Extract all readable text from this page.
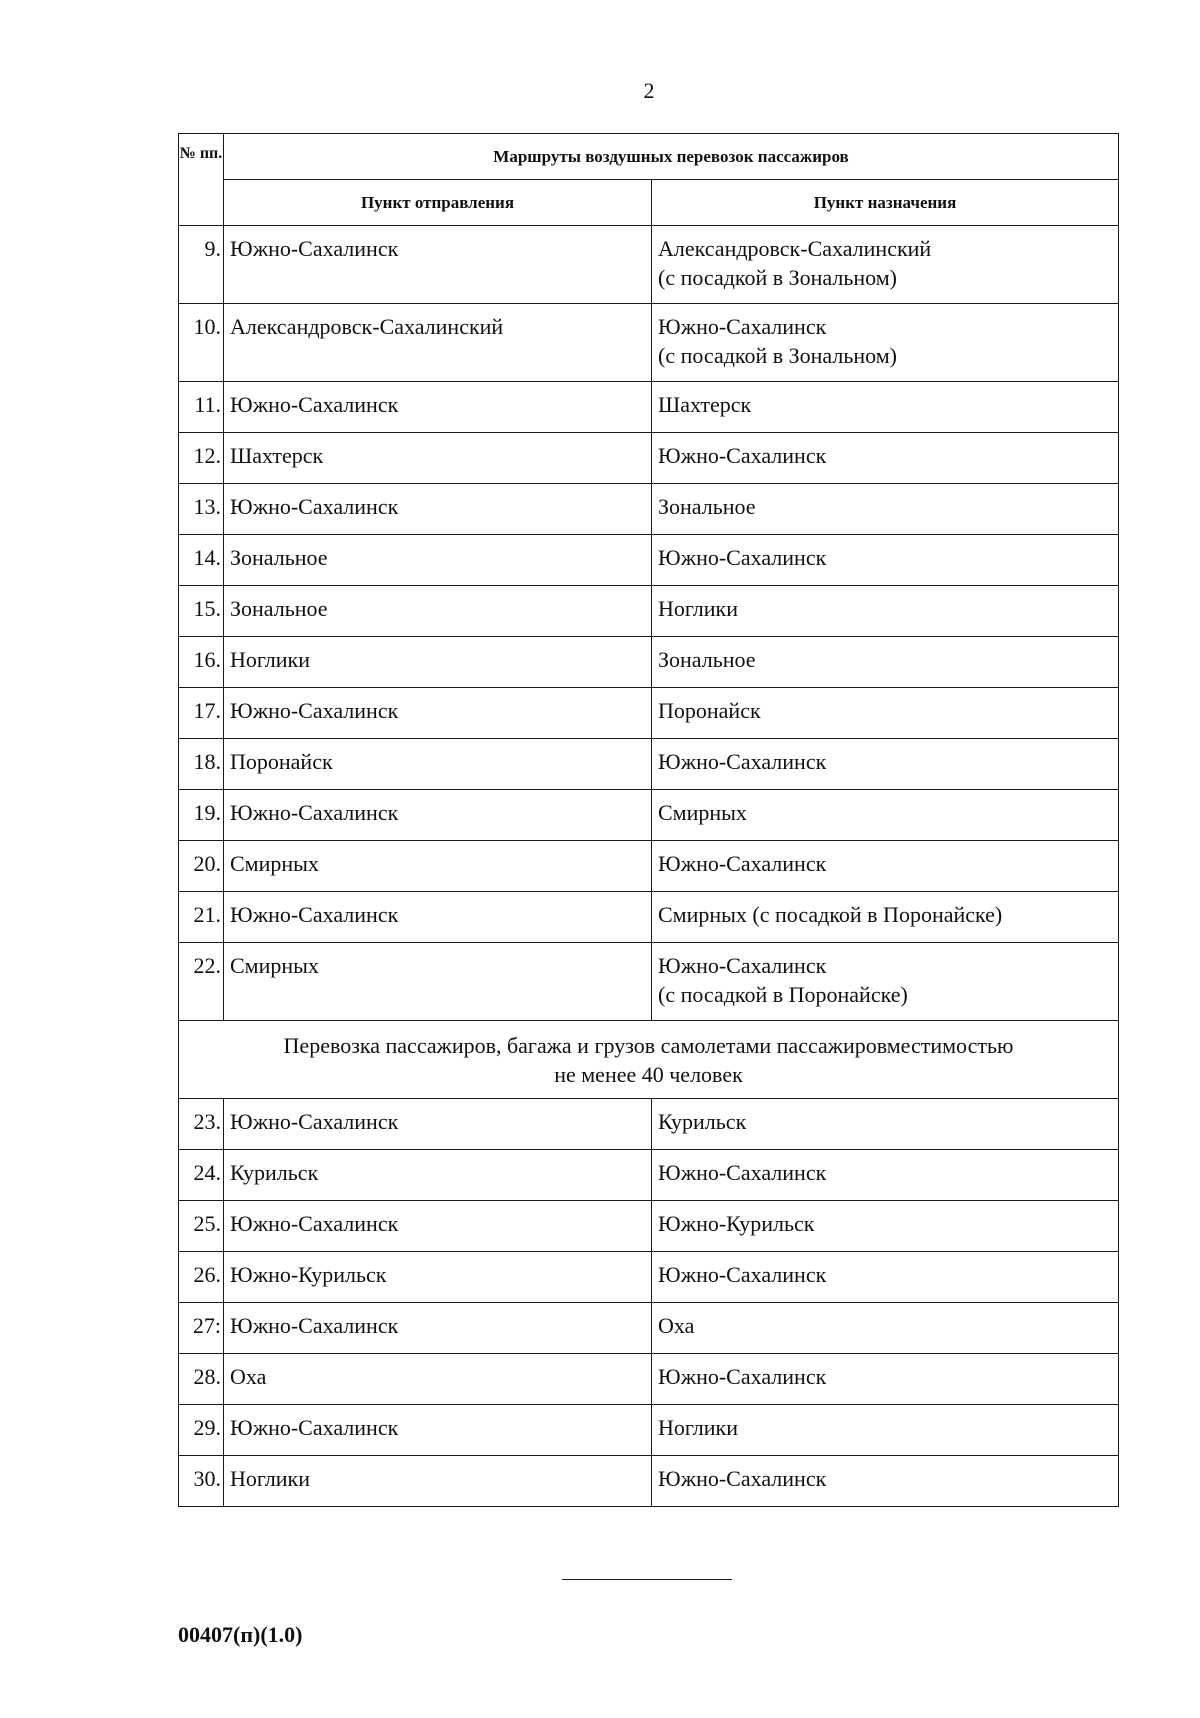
2
№ пп.	Маршруты воздушных перевозок пассажиров	
	Пункт отправления	Пункт назначения
9.	Южно-Сахалинск	Александровск-Сахалинский
(с посадкой в Зональном)

10.	Александровск-Сахалинский	Южно-Сахалинск
(с посадкой в Зональном)

11.	Южно-Сахалинск	Шахтерск
12.	Шахтерск	Южно-Сахалинск
13.	Южно-Сахалинск	Зональное
14.	Зональное	Южно-Сахалинск
15.	Зональное	Ноглики
16.	Ноглики	Зональное
17.	Южно-Сахалинск	Поронайск
18.	Поронайск	Южно-Сахалинск
19.	Южно-Сахалинск	Смирных
20.	Смирных	Южно-Сахалинск
21.	Южно-Сахалинск	Смирных (с посадкой в Поронайске)
22.	Смирных	Южно-Сахалинск
(с посадкой в Поронайске)

Перевозка пассажиров, багажа и грузов самолетами пассажировместимостью
не менее 40 человек		

23.	Южно-Сахалинск	Курильск
24.	Курильск	Южно-Сахалинск
25.	Южно-Сахалинск	Южно-Курильск
26.	Южно-Курильск	Южно-Сахалинск
27:	Южно-Сахалинск	Оха
28.	Оха	Южно-Сахалинск
29.	Южно-Сахалинск	Ноглики
30.	Ноглики	Южно-Сахалинск
00407(п)(1.0)
